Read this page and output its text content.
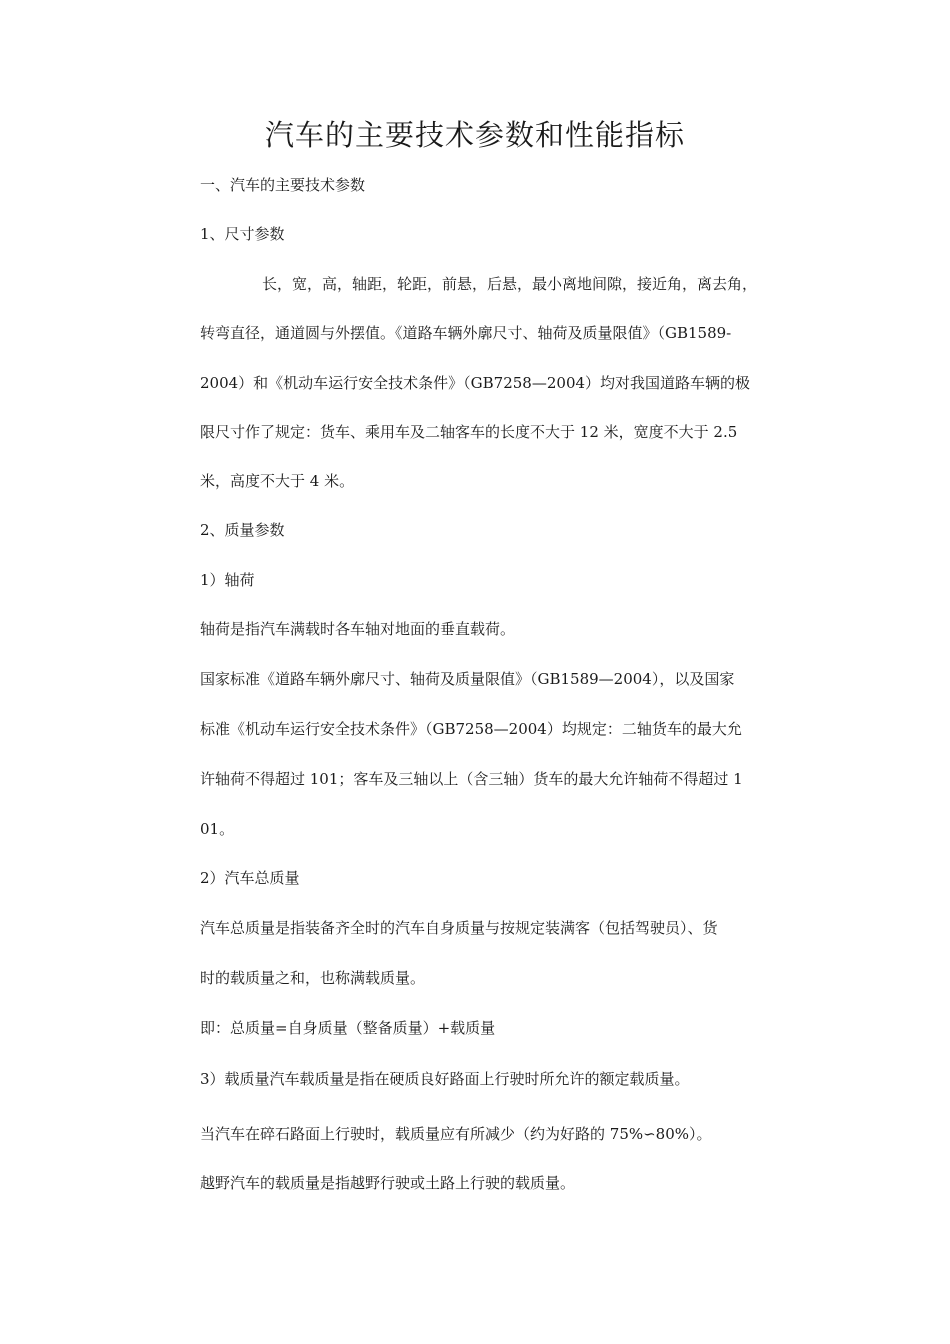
汽车的主要技术参数和性能指标
一、汽车的主要技术参数
1、尺寸参数
长，宽，高，轴距，轮距，前悬，后悬，最小离地间隙，接近角，离去角，
转弯直径，通道圆与外摆值。《道路车辆外廓尺寸、轴荷及质量限值》（GB1589-
2004）和《机动车运行安全技术条件》（GB7258—2004）均对我国道路车辆的极
限尺寸作了规定：货车、乘用车及二轴客车的长度不大于 12 米，宽度不大于 2.5
米，高度不大于 4 米。
2、质量参数
1）轴荷
轴荷是指汽车满载时各车轴对地面的垂直载荷。
国家标准《道路车辆外廓尺寸、轴荷及质量限值》（GB1589—2004），以及国家
标准《机动车运行安全技术条件》（GB7258—2004）均规定：二轴货车的最大允
许轴荷不得超过 101；客车及三轴以上（含三轴）货车的最大允许轴荷不得超过 1
01。
2）汽车总质量
汽车总质量是指装备齐全时的汽车自身质量与按规定装满客（包括驾驶员）、货
时的载质量之和，也称满载质量。
即：总质量=自身质量（整备质量）+载质量
3）载质量汽车载质量是指在硬质良好路面上行驶时所允许的额定载质量。
当汽车在碎石路面上行驶时，载质量应有所减少（约为好路的 75%∽80%）。
越野汽车的载质量是指越野行驶或土路上行驶的载质量。
